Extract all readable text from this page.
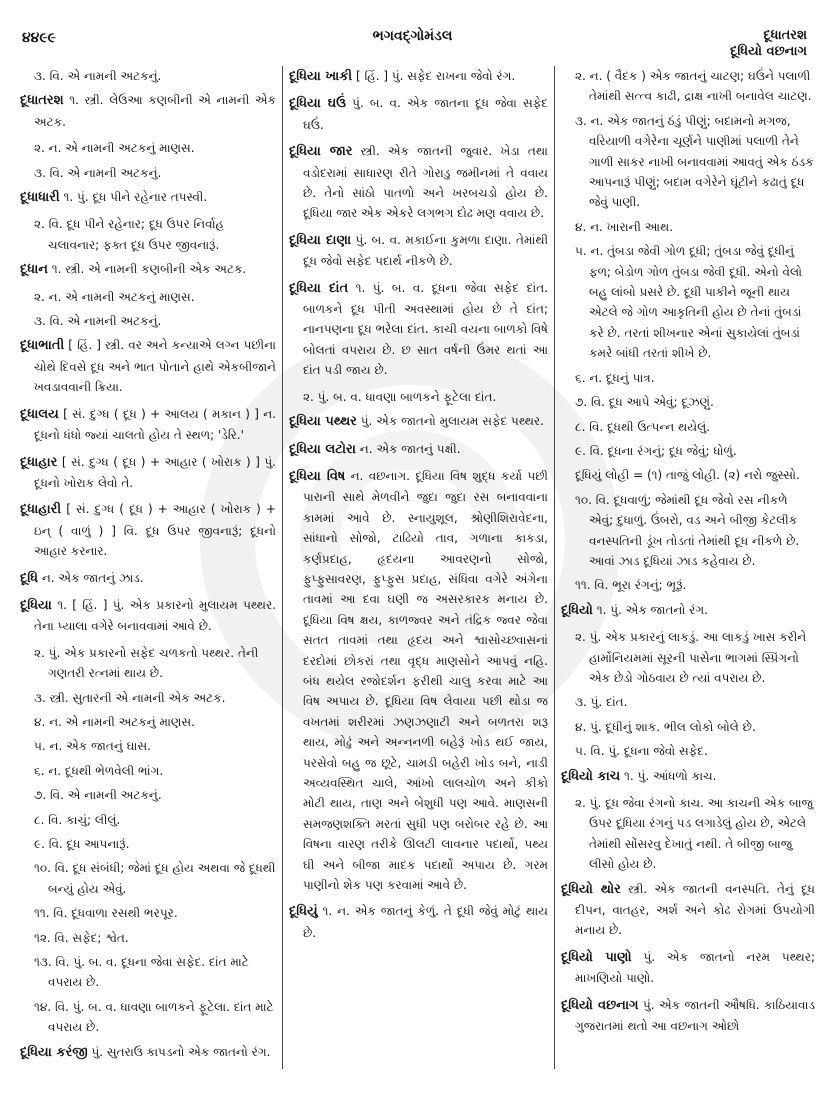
૪૪૯૯	ભગવદ્ગોમંડલ	દૂધાતરશ
દૂધિયો વછનાગ
૩. વિ. એ નામની અટકનું.
દૂધાતરશ ૧. સ્ત્રી. લેઉઆ કણબીની એ નામની એક અટક.
૨. ન. એ નામની અટકનું માણસ.
૩. વિ. એ નામની અટકનું.
દૂધાધારી ૧. પું. દૂધ પીને રહેનાર તપસ્વી.
૨. વિ. દૂધ પીને રહેનાર; દૂધ ઉપર નિર્વાહ ચલાવનાર; ફક્ત દૂધ ઉપર જીવનારૂં.
દૂધાન ૧. સ્ત્રી. એ નામની કણબીની એક અટક.
૨. ન. એ નામની અટકનું માણસ.
૩. વિ. એ નામની અટકનું.
દૂધાભાતી [ હિં. ] સ્ત્રી. વર અને કન્યાએ લગ્ન પછીના ચોથે દિવસે દૂધ અને ભાત પોતાને હાથે એકબીજાને ખવડાવવાની ક્રિયા.
દૂધાલય [ સં. દુગ્ધ ( દૂધ ) + આલય ( મકાન ) ] ન. દૂધનો ધંધો જ્યાં ચાલતો હોય તે સ્થળ; 'ડેરિ.'
દૂધાહાર [ સં. દુગ્ધ ( દૂધ ) + આહાર ( ખોરાક ) ] પું. દૂધનો ખોરાક લેવો તે.
દૂધાહારી [ સં. દુગ્ધ ( દૂધ ) + આહાર ( ખોરાક ) + ઇન્ ( વાળું ) ] વિ. દૂધ ઉપર જીવનારૂં; દૂધનો આહાર કરનાર.
દૂધિ ન. એક જાતનું ઝાડ.
દૂધિયા ૧. [ હિં. ] પું. એક પ્રકારનો મુલાયમ પથ્થર. તેના પ્યાલા વગેરે બનાવવામાં આવે છે.
૨. પું. એક પ્રકારનો સફેદ ચળકતો પથ્થર. તેની ગણતરી રત્નમાં થાય છે.
૩. સ્ત્રી. સુતારની એ નામની એક અટક.
૪. ન. એ નામની અટકનું માણસ.
૫. ન. એક જાતનું ઘાસ.
૬. ન. દૂધથી ભેળવેલી ભાંગ.
૭. વિ. એ નામની અટકનું.
૮. વિ. કાચું; લીલું.
૯. વિ. દૂધ આપનારૂં.
૧૦. વિ. દૂધ સંબંધી; જેમાં દૂધ હોય અથવા જે દૂધથી બન્યું હોય એવું.
૧૧. વિ. દૂધવાળા રસથી ભરપૂર.
૧૨. વિ. સફેદ; શ્વેત.
૧૩. વિ. પું. બ. વ. દૂધના જેવા સફેદ. દાંત માટે વપરાય છે.
૧૪. વિ. પું. બ. વ. ધાવણા બાળકને ફૂટેલા. દાંત માટે વપરાય છે.
દૂધિયા કરંજી પું. સુતરાઉ કાપડનો એક જાતનો રંગ.
દૂધિયા ખાકી [ હિં. ] પું. સફેદ રાખના જેવો રંગ.
દૂધિયા ઘઉં પું. બ. વ. એક જાતના દૂધ જેવા સફેદ ઘઉં.
દૂધિયા જાર સ્ત્રી. એક જાતની જુવાર. ખેડા તથા વડોદરામાં સાધારણ રીતે ગોરાડુ જમીનમાં તે વવાય છે. તેનો સાંઠો પાતળો અને ખરબચડો હોય છે. દૂધિયા જાર એક એકરે લગભગ દોઢ મણ વવાય છે.
દૂધિયા દાણા પું. બ. વ. મકાઈના કુમળા દાણા. તેમાંથી દૂધ જેવો સફેદ પદાર્થ નીકળે છે.
દૂધિયા દાંત ૧. પું. બ. વ. દૂધના જેવા સફેદ દાંત. બાળકને દૂધ પીતી અવસ્થામાં હોય છે તે દાંત; નાનપણના દૂધ ભરેલા દાંત. કાચી વયના બાળકો વિષે બોલતાં વપરાય છે. છ સાત વર્ષની ઉંમર થતાં આ દાંત પડી જાય છે.
૨. પું. બ. વ. ધાવણા બાળકને ફૂટેલા દાંત.
દૂધિયા પથ્થર પું. એક જાતનો મુલાયમ સફેદ પથ્થર.
દૂધિયા લટોરા ન. એક જાતનું પક્ષી.
દૂધિયા વિષ ન. વછનાગ. દૂધિયા વિષ શુદ્ધ કર્યા પછી પારાની સાથે મેળવીને જુદા જુદા રસ બનાવવાના કામમાં આવે છે. સ્નાયુશૂલ, શ્રોણીશિરાવેદના, સાંધાનો સોજો, ટાઢિયો તાવ, ગળાના કાકડા, કર્ણપ્રદાહ, હૃદયના આવરણનો સોજો, ફુપ્ફુસાવરણ, ફુપ્ફુસ પ્રદાહ, સંધિવા વગેરે અંગેના તાવમાં આ દવા ઘણી જ અસરકારક મનાય છે. દૂધિયા વિષ ક્ષય, કાળજ્વર અને તંદ્રિક જ્વર જેવા સતત તાવમાં તથા હૃદય અને શ્વાસોચ્છ્વાસનાં દરદોમાં છોકરાં તથા વૃદ્ધ માણસોને આપવું નહિ. બંધ થયેલ રજોદર્શન ફરીથી ચાલુ કરવા માટે આ વિષ અપાય છે. દૂધિયા વિષ લેવાયા પછી થોડા જ વખતમાં શરીરમાં ઝણઝણાટી અને બળતરા શરૂ થાય, મોઢું અને અન્નનળી બહેરૂં ખોડ થઈ જાય, પરસેવો બહુ જ છૂટે, ચામડી બહેરી ખોડ બને, નાડી અવ્યવસ્થિત ચાલે, આંખો લાલચોળ અને કીકો મોટી થાય, તાણ અને બેશુધી પણ આવે. માણસની સમજણશક્તિ મરતાં સુધી પણ બરોબર રહે છે. આ વિષના વારણ તરીકે ઊલટી લાવનાર પદાર્થો, પથ્ય ઘી અને બીજા માદક પદાર્થો અપાય છે. ગરમ પાણીનો શેક પણ કરવામાં આવે છે.
દૂધિયું ૧. ન. એક જાતનું કેળું. તે દૂધી જેવું મોટું થાય છે.
૨. ન. ( વૈદક ) એક જાતનું ચાટણ; ઘઉંને પલાળી તેમાંથી સત્ત્વ કાઢી, દ્રાક્ષ નાખી બનાવેલ ચાટણ.
૩. ન. એક જાતનું ઠંડું પીણું; બદામનો મગજ, વરિયાળી વગેરેના ચૂર્ણને પાણીમાં પલાળી તેને ગાળી સાકર નાખી બનાવવામાં આવતું એક ઠંડક આપનારૂં પીણું; બદામ વગેરેને ઘૂંટીને કઢાતું દૂધ જેવું પાણી.
૪. ન. ખારાની આથ.
૫. ન. તુંબડા જેવી ગોળ દૂધી; તુંબડા જેવું દૂધીનું ફળ; બેડોળ ગોળ તુંબડા જેવી દૂધી. એનો વેલો બહુ લાંબો પ્રસરે છે. દૂધી પાકીને જૂની થાય એટલે જે ગોળ આકૃતિની હોય છે તેનાં તુંબડાં કરે છે. તરતાં શીખનાર એનાં સુકાયેલાં તુંબડાં કમરે બાંધી તરતાં શીખે છે.
૬. ન. દૂધનું પાત્ર.
૭. વિ. દૂધ આપે એવું; દૂઝણું.
૮. વિ. દૂધથી ઉત્પન્ન થયેલું.
૯. વિ. દૂધના રંગનું; દૂધ જેવું; ધોળું.
દૂધિયું લોહી = (૧) તાજું લોહી. (૨) નરો જુસ્સો.
૧૦. વિ. દૂધવાળું; જેમાંથી દૂધ જેવો રસ નીકળે એવું; દુધાળું. ઉંબરો, વડ અને બીજી કેટલીક વનસ્પતિની ડૂંખ તોડતાં તેમાંથી દૂધ નીકળે છે. આવાં ઝાડ દૂધિયાં ઝાડ કહેવાય છે.
૧૧. વિ. ભૂરા રંગનું; ભૂરૂં.
દૂધિયો ૧. પું. એક જાતનો રંગ.
૨. પું. એક પ્રકારનું લાકડું. આ લાકડું ખાસ કરીને હાર્મોનિયમમાં સૂરની પાસેના ભાગમાં સ્પ્રિંગનો એક છેડો ગોઠવાય છે ત્યાં વપરાય છે.
૩. પું. દાંત.
૪. પું. દૂધીનું શાક. ભીલ લોકો બોલે છે.
૫. વિ. પું. દૂધના જેવો સફેદ.
દૂધિયો કાચ ૧. પું. આંધળો કાચ.
૨. પું. દૂધ જેવા રંગનો કાચ. આ કાચની એક બાજુ ઉપર દૂધિયા રંગનું પડ લગાડેલું હોય છે, એટલે તેમાંથી સોંસરવુ દેખાતું નથી. તે બીજી બાજુ લીસો હોય છે.
દૂધિયો થોર સ્ત્રી. એક જાતની વનસ્પતિ. તેનું દૂધ દીપન, વાતહર, અર્શ અને કોઢ રોગમાં ઉપયોગી મનાય છે.
દૂધિયો પાણો પું. એક જાતનો નરમ પથ્થર; માખણિયો પાણો.
દૂધિયો વછનાગ પું. એક જાતની ઔષધિ. કાઠિયાવાડ ગુજરાતમાં થતો આ વછનાગ ઓછો
